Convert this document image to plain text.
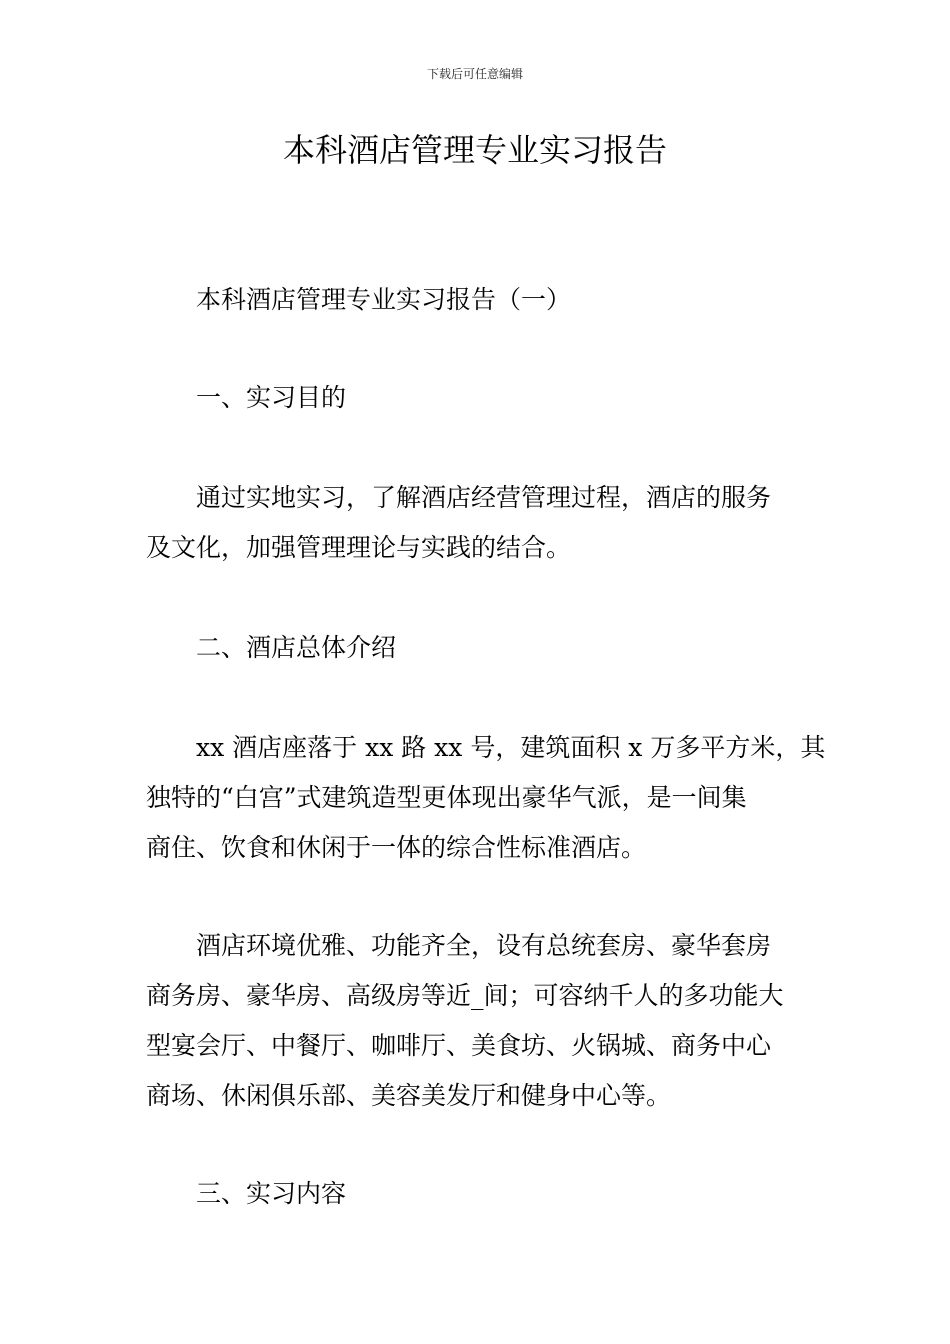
下载后可任意编辑
本科酒店管理专业实习报告

本科酒店管理专业实习报告（一）

一、实习目的

通过实地实习，了解酒店经营管理过程，酒店的服务

及文化，加强管理理论与实践的结合。

二、酒店总体介绍

xx 酒店座落于 xx 路 xx 号，建筑面积 x 万多平方米，其

独特的“白宫”式建筑造型更体现出豪华气派，是一间集

商住、饮食和休闲于一体的综合性标准酒店。

酒店环境优雅、功能齐全，设有总统套房、豪华套房

商务房、豪华房、高级房等近_间；可容纳千人的多功能大

型宴会厅、中餐厅、咖啡厅、美食坊、火锅城、商务中心

商场、休闲俱乐部、美容美发厅和健身中心等。

三、实习内容
